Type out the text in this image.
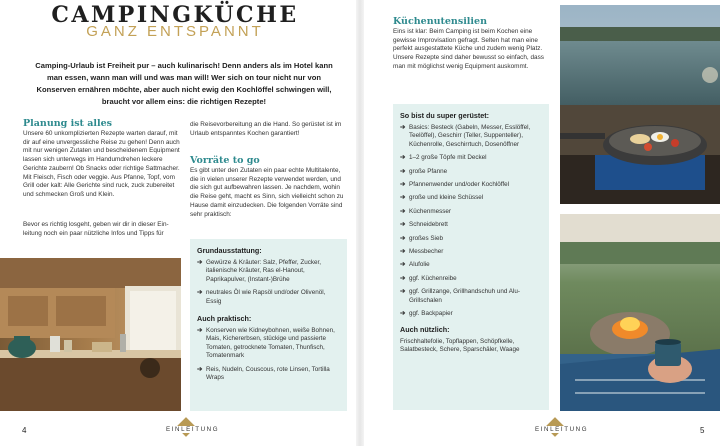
CAMPINGKÜCHE
GANZ ENTSPANNT
Camping-Urlaub ist Freiheit pur – auch kulinarisch! Denn anders als im Hotel kann man essen, wann man will und was man will! Wer sich on tour nicht nur von Konserven ernähren möchte, aber auch nicht ewig den Kochlöffel schwingen will, braucht vor allem eins: die richtigen Rezepte!
Planung ist alles
Unsere 60 unkomplizierten Rezepte warten darauf, mit dir auf eine unvergessliche Reise zu gehen! Denn auch mit nur wenigen Zutaten und bescheidenem Equipment lassen sich unterwegs im Handumdrehen leckere Gerichte zaubern! Ob Snacks oder richtige Sattmacher. Mit Fleisch, Fisch oder veggie. Aus Pfanne, Topf, vom Grill oder kalt: Alle Gerichte sind ruck, zuck zubereitet und schmecken Groß und Klein.
Bevor es richtig losgeht, geben wir dir in dieser Einleitung noch ein paar nützliche Infos und Tipps für
die Reisevorbereitung an die Hand. So gerüstet ist im Urlaub entspanntes Kochen garantiert!
Vorräte to go
Es gibt unter den Zutaten ein paar echte Multitalente, die in vielen unserer Rezepte verwendet werden, und die sich gut aufbewahren lassen. Je nachdem, wohin die Reise geht, macht es Sinn, sich vielleicht schon zu Hause damit einzudecken. Die folgenden Vorräte sind sehr praktisch:
Grundausstattung:
➔ Gewürze & Kräuter: Salz, Pfeffer, Zucker, italienische Kräuter, Ras el-Hanout, Paprikapulver, (Instant-)Brühe
➔ neutrales Öl wie Rapsöl und/oder Olivenöl, Essig
Auch praktisch:
➔ Konserven wie Kidneybohnen, weiße Bohnen, Mais, Kichererbsen, stückige und passierte Tomaten, getrocknete Tomaten, Thunfisch, Tomatenmark
➔ Reis, Nudeln, Couscous, rote Linsen, Tortilla Wraps
4	EINLEITUNG
Küchenutensilien
Eins ist klar: Beim Camping ist beim Kochen eine gewisse Improvisation gefragt. Selten hat man eine perfekt ausgestattete Küche und zudem wenig Platz. Unsere Rezepte sind daher bewusst so einfach, dass man mit möglichst wenig Equipment auskommt.
So bist du super gerüstet:
➔ Basics: Besteck (Gabeln, Messer, Esslöffel, Teelöffel), Geschirr (Teller, Suppenteller), Küchenrolle, Geschirrtuch, Dosenöffner
➔ 1–2 große Töpfe mit Deckel
➔ große Pfanne
➔ Pfannenwender und/oder Kochlöffel
➔ große und kleine Schüssel
➔ Küchenmesser
➔ Schneidebrett
➔ großes Sieb
➔ Messbecher
➔ Alufolie
➔ ggf. Küchenreibe
➔ ggf. Grillzange, Grillhandschuh und Alu-Grillschalen
➔ ggf. Backpapier
Auch nützlich:
Frischhaltefolie, Topflappen, Schöpfkelle, Salatbesteck, Schere, Sparschäler, Waage
5
EINLEITUNG
